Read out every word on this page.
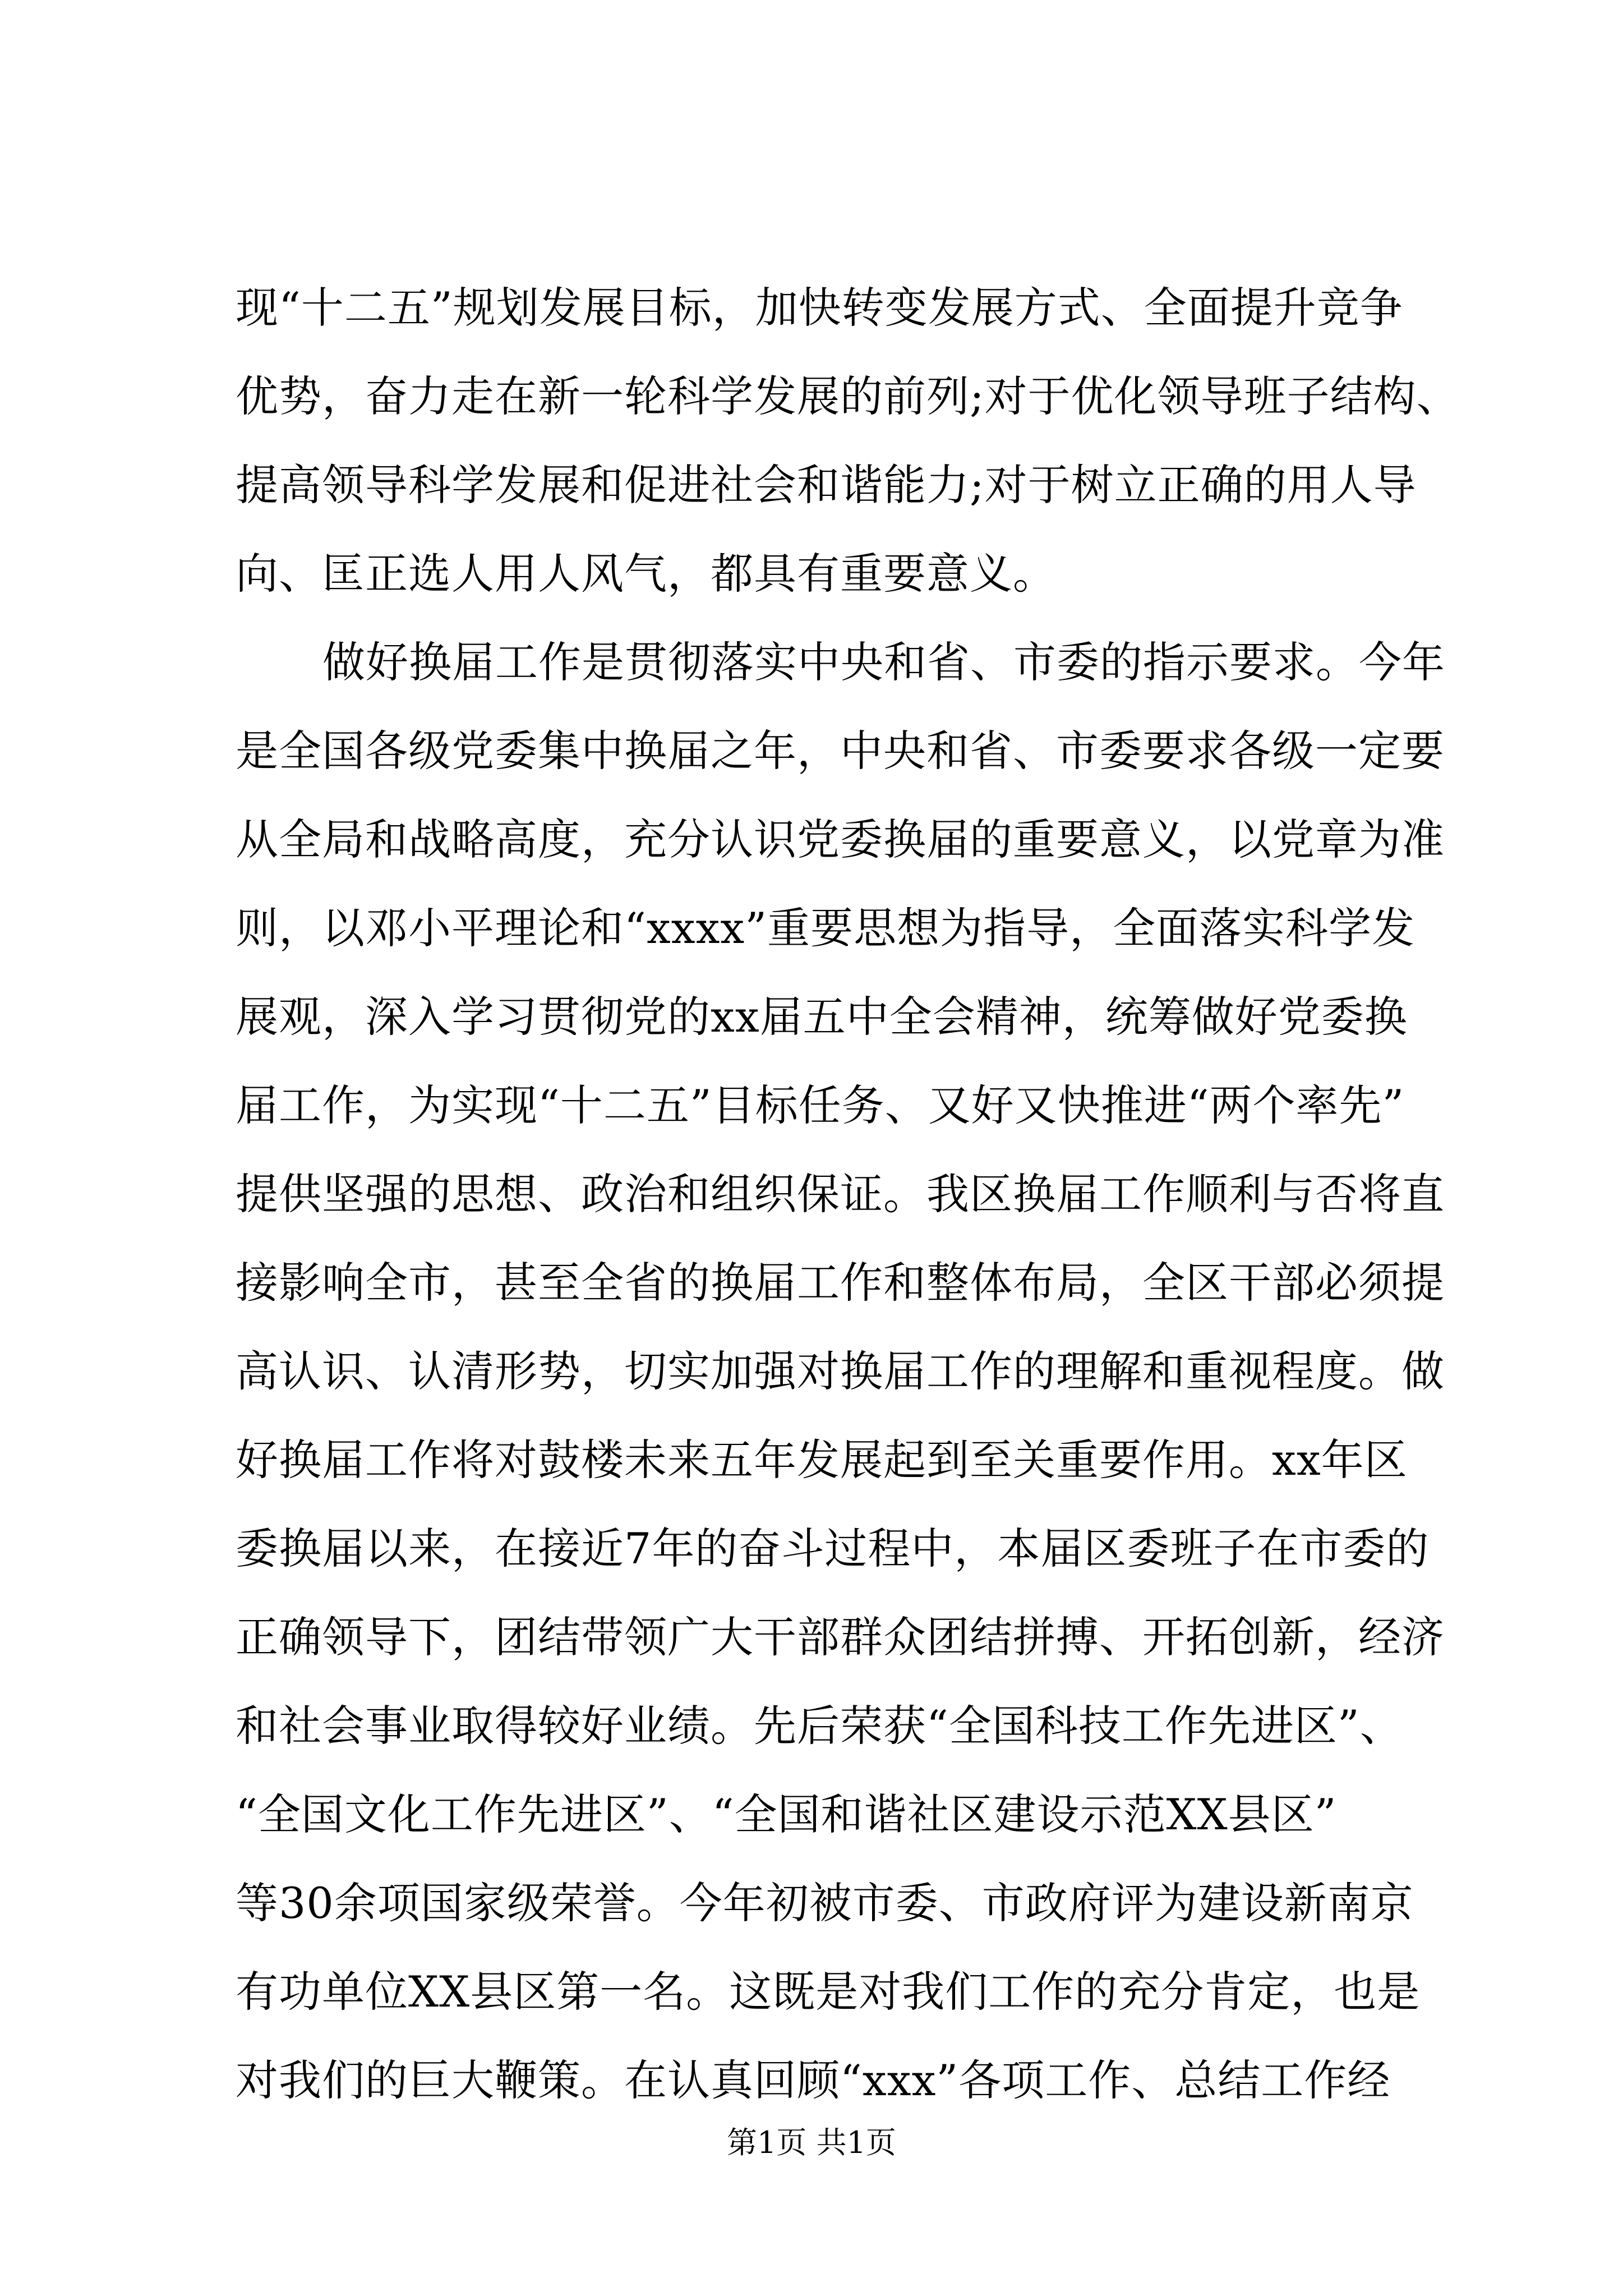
现“十二五”规划发展目标，加快转变发展方式、全面提升竞争
优势，奋力走在新一轮科学发展的前列;对于优化领导班子结构、
提高领导科学发展和促进社会和谐能力;对于树立正确的用人导
向、匡正选人用人风气，都具有重要意义。
做好换届工作是贯彻落实中央和省、市委的指示要求。今年
是全国各级党委集中换届之年，中央和省、市委要求各级一定要
从全局和战略高度，充分认识党委换届的重要意义，以党章为准
则，以邓小平理论和“xxxx”重要思想为指导，全面落实科学发
展观，深入学习贯彻党的xx届五中全会精神，统筹做好党委换
届工作，为实现“十二五”目标任务、又好又快推进“两个率先”
提供坚强的思想、政治和组织保证。我区换届工作顺利与否将直
接影响全市，甚至全省的换届工作和整体布局，全区干部必须提
高认识、认清形势，切实加强对换届工作的理解和重视程度。做
好换届工作将对鼓楼未来五年发展起到至关重要作用。xx年区
委换届以来，在接近7年的奋斗过程中，本届区委班子在市委的
正确领导下，团结带领广大干部群众团结拼搏、开拓创新，经济
和社会事业取得较好业绩。先后荣获“全国科技工作先进区”、
“全国文化工作先进区”、“全国和谐社区建设示范XX县区”
等30余项国家级荣誉。今年初被市委、市政府评为建设新南京
有功单位XX县区第一名。这既是对我们工作的充分肯定，也是
对我们的巨大鞭策。在认真回顾“xxx”各项工作、总结工作经
第1页 共1页
